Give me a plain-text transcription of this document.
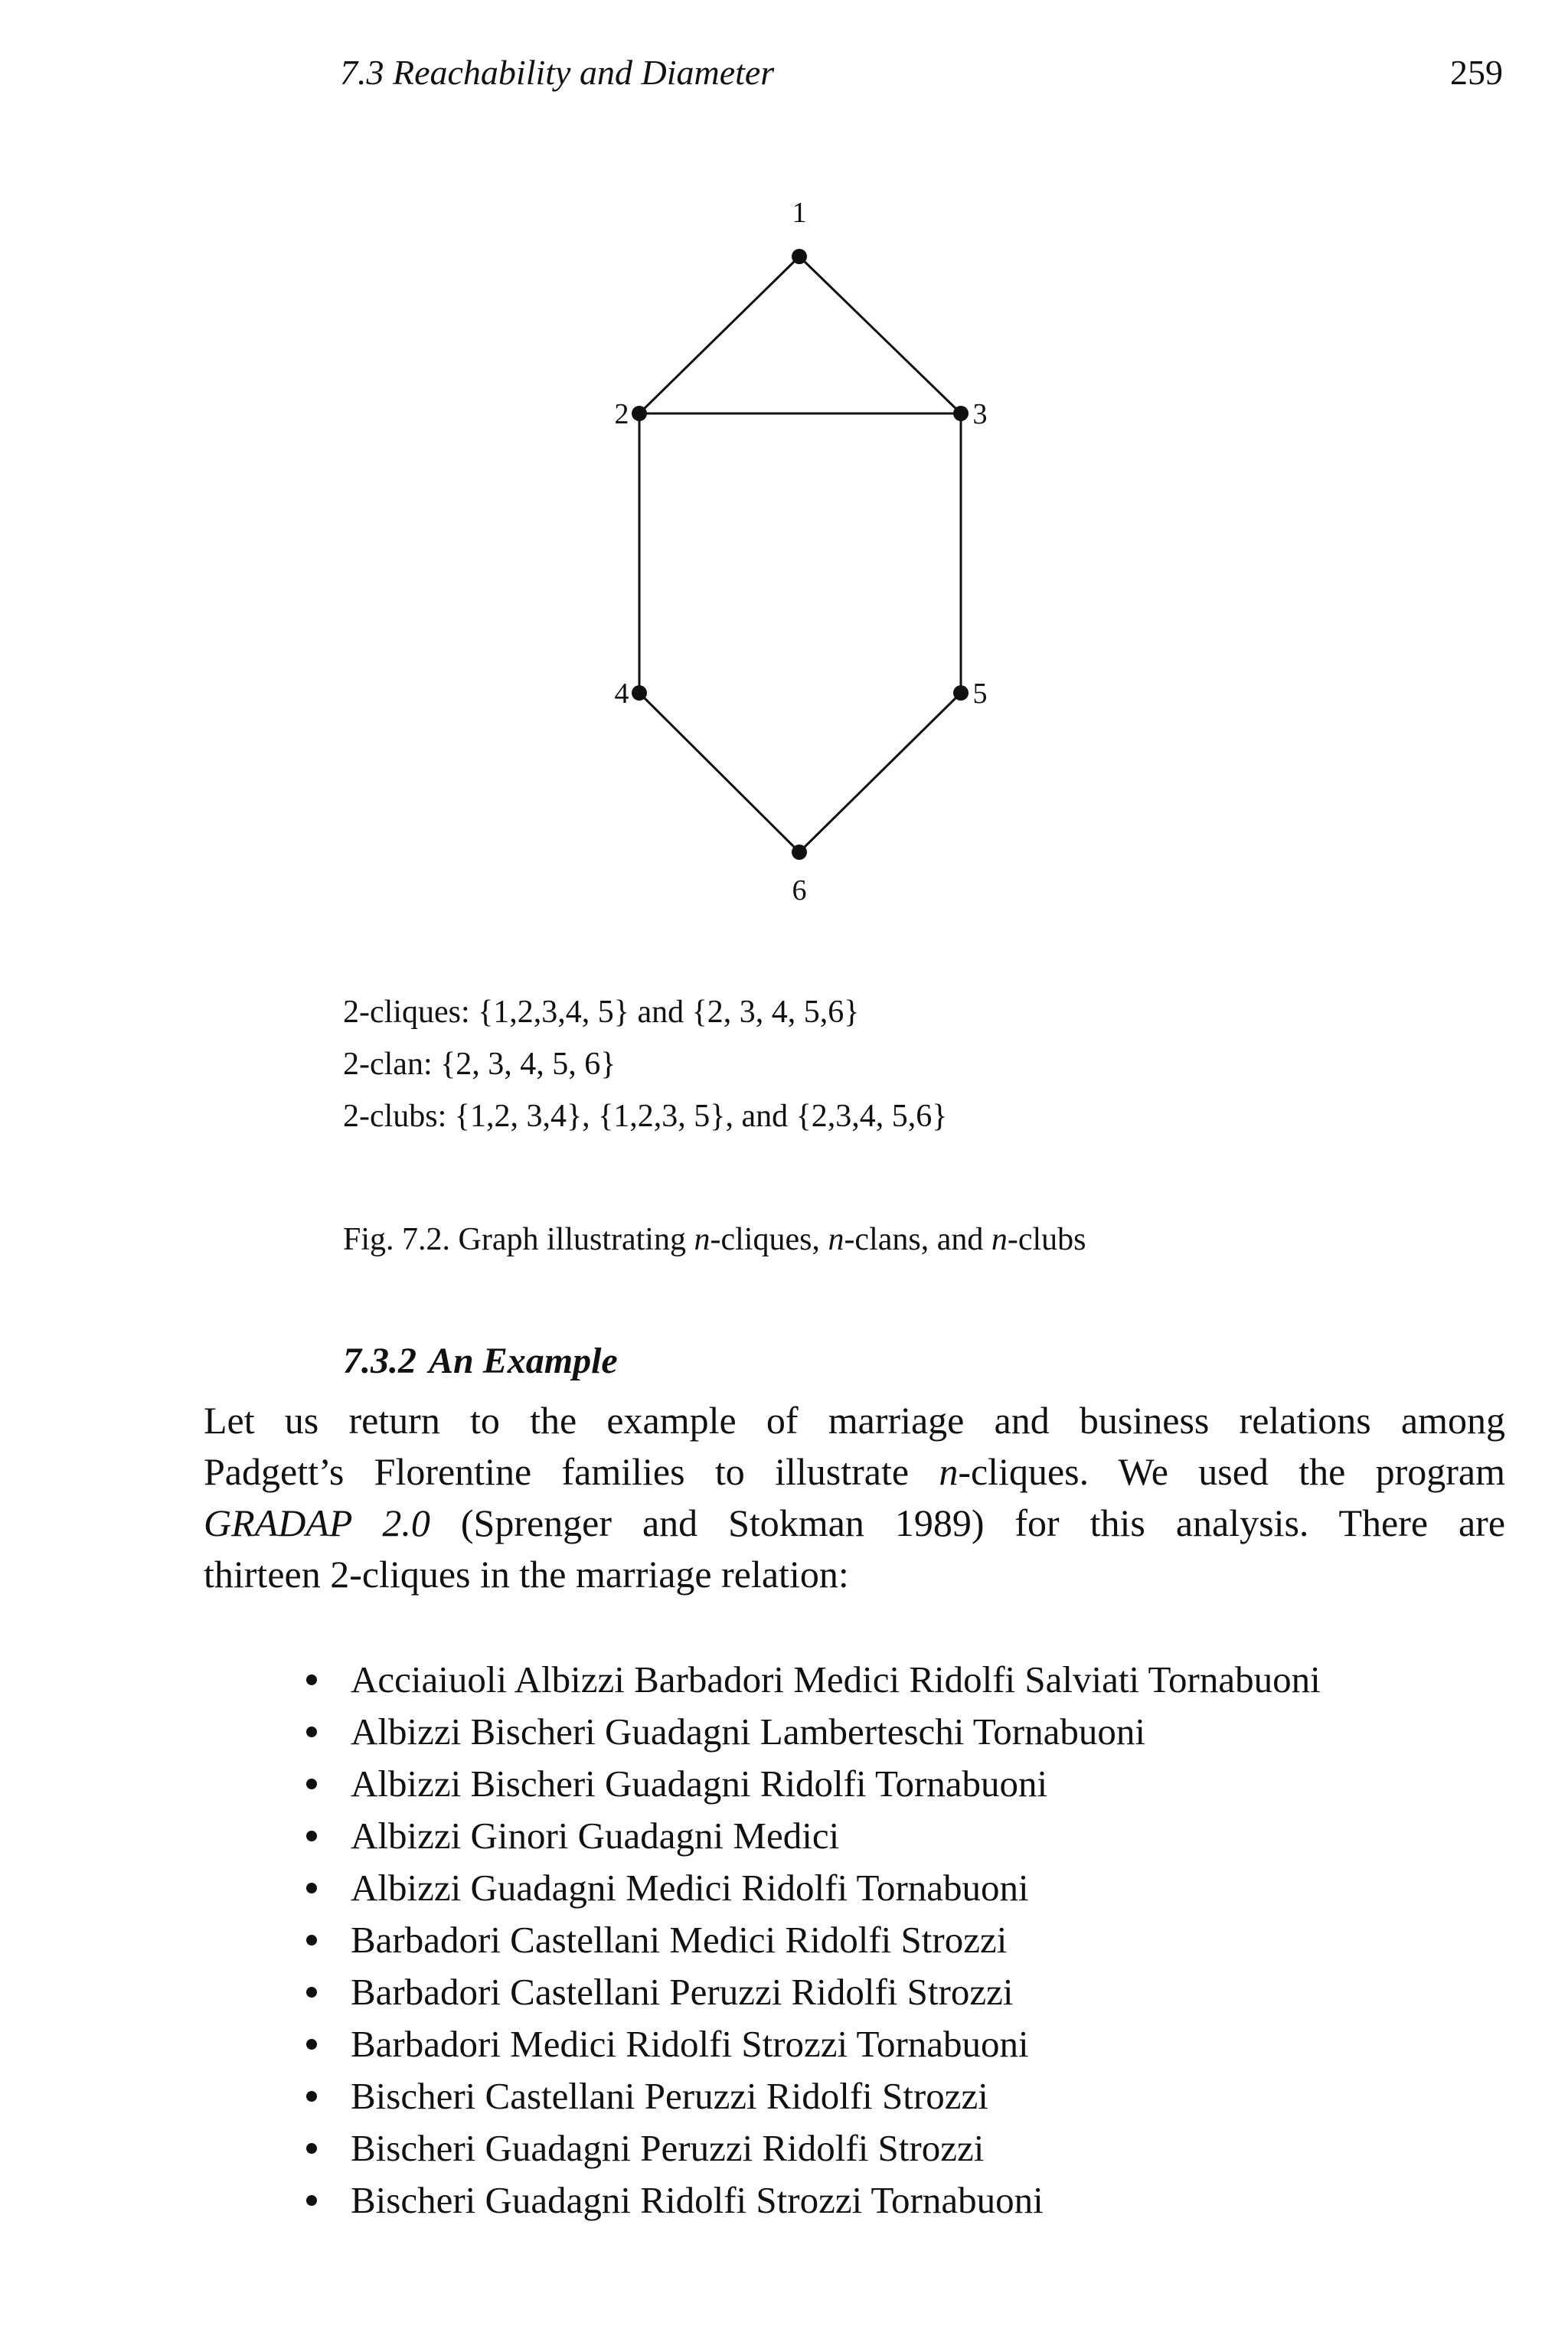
7.3 Reachability and Diameter	259
1
2	3
4	5
6
2-cliques: {1,2,3,4, 5} and {2, 3, 4, 5,6}
2-clan: {2, 3, 4, 5, 6}
2-clubs: {1,2, 3,4}, {1,2,3, 5}, and {2,3,4, 5,6}
Fig. 7.2. Graph illustrating n-cliques, n-clans, and n-clubs
7.3.2 An Example
Let us return to the example of marriage and business relations among
Padgett’s Florentine families to illustrate n-cliques. We used the program
GRADAP 2.0 (Sprenger and Stokman 1989) for this analysis. There are
thirteen 2-cliques in the marriage relation:
Acciaiuoli Albizzi Barbadori Medici Ridolfi Salviati Tornabuoni
Albizzi Bischeri Guadagni Lamberteschi Tornabuoni
Albizzi Bischeri Guadagni Ridolfi Tornabuoni
Albizzi Ginori Guadagni Medici
Albizzi Guadagni Medici Ridolfi Tornabuoni
Barbadori Castellani Medici Ridolfi Strozzi
Barbadori Castellani Peruzzi Ridolfi Strozzi
Barbadori Medici Ridolfi Strozzi Tornabuoni
Bischeri Castellani Peruzzi Ridolfi Strozzi
Bischeri Guadagni Peruzzi Ridolfi Strozzi
Bischeri Guadagni Ridolfi Strozzi Tornabuoni
